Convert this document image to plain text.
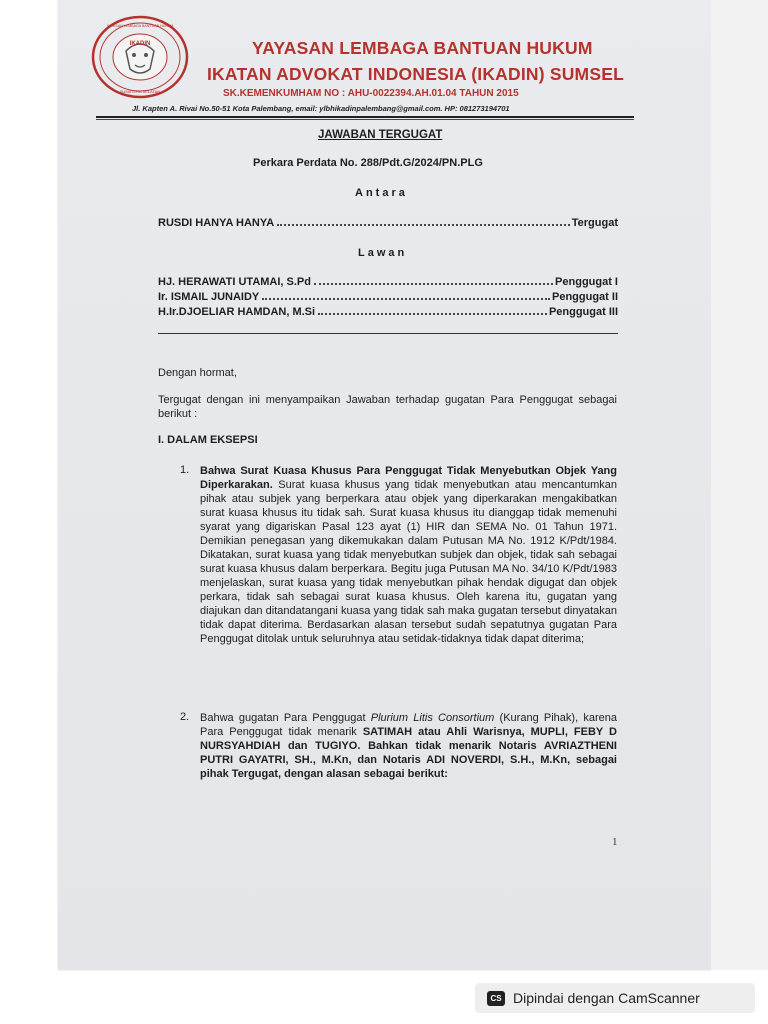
IKADIN
YAYASAN LEMBAGA BANTUAN HUKUM
SUMATERA SELATAN
YAYASAN LEMBAGA BANTUAN HUKUM
IKATAN ADVOKAT INDONESIA (IKADIN) SUMSEL
SK.KEMENKUMHAM NO : AHU-0022394.AH.01.04 TAHUN 2015
Jl. Kapten A. Rivai No.50-51 Kota Palembang, email: ylbhikadinpalembang@gmail.com. HP: 081273194701
JAWABAN TERGUGAT
Perkara Perdata No. 288/Pdt.G/2024/PN.PLG
Antara
RUSDI HANYA HANYA	Tergugat
Lawan
HJ. HERAWATI UTAMAI, S.Pd	Penggugat I
Ir. ISMAIL JUNAIDY	Penggugat II
H.Ir.DJOELIAR HAMDAN, M.Si	Penggugat III
Dengan hormat,
Tergugat dengan ini menyampaikan Jawaban terhadap gugatan Para Penggugat sebagai berikut :
I. DALAM EKSEPSI
1. Bahwa Surat Kuasa Khusus Para Penggugat Tidak Menyebutkan Objek Yang Diperkarakan. Surat kuasa khusus yang tidak menyebutkan atau mencantumkan pihak atau subjek yang berperkara atau objek yang diperkarakan mengakibatkan surat kuasa khusus itu tidak sah. Surat kuasa khusus itu dianggap tidak memenuhi syarat yang digariskan Pasal 123 ayat (1) HIR dan SEMA No. 01 Tahun 1971. Demikian penegasan yang dikemukakan dalam Putusan MA No. 1912 K/Pdt/1984. Dikatakan, surat kuasa yang tidak menyebutkan subjek dan objek, tidak sah sebagai surat kuasa khusus dalam berperkara. Begitu juga Putusan MA No. 34/10 K/Pdt/1983 menjelaskan, surat kuasa yang tidak menyebutkan pihak hendak digugat dan objek perkara, tidak sah sebagai surat kuasa khusus. Oleh karena itu, gugatan yang diajukan dan ditandatangani kuasa yang tidak sah maka gugatan tersebut dinyatakan tidak dapat diterima. Berdasarkan alasan tersebut sudah sepatutnya gugatan Para Penggugat ditolak untuk seluruhnya atau setidak-tidaknya tidak dapat diterima;
2. Bahwa gugatan Para Penggugat Plurium Litis Consortium (Kurang Pihak), karena Para Penggugat tidak menarik SATIMAH atau Ahli Warisnya, MUPLI, FEBY D NURSYAHDIAH dan TUGIYO. Bahkan tidak menarik Notaris AVRIAZTHENI PUTRI GAYATRI, SH., M.Kn, dan Notaris ADI NOVERDI, S.H., M.Kn, sebagai pihak Tergugat, dengan alasan sebagai berikut:
1
CS Dipindai dengan CamScanner
